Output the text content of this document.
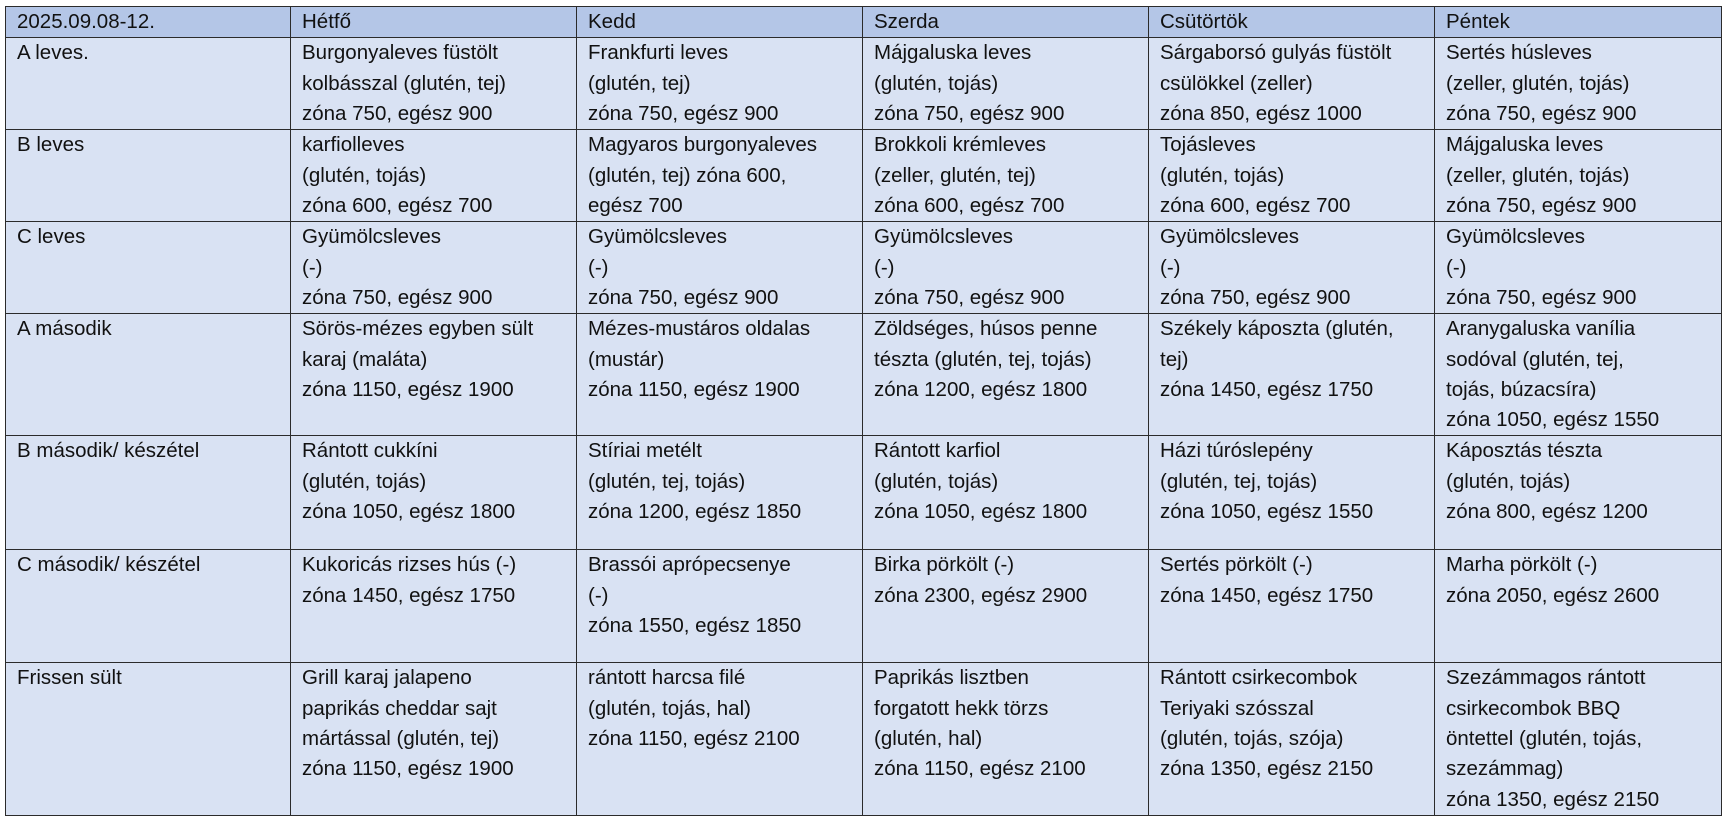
2025.09.08-12.	Hétfő	Kedd	Szerda	Csütörtök	Péntek
A leves.	Burgonyaleves füstölt
kolbásszal (glutén, tej)
zóna 750, egész 900	Frankfurti leves
(glutén, tej)
zóna 750, egész 900	Májgaluska leves
(glutén, tojás)
zóna 750, egész 900	Sárgaborsó gulyás füstölt
csülökkel (zeller)
zóna 850, egész 1000	Sertés húsleves
(zeller, glutén, tojás)
zóna 750, egész 900

B leves	karfiolleves
(glutén, tojás)
zóna 600, egész 700	Magyaros burgonyaleves
(glutén, tej) zóna 600,
egész 700	Brokkoli krémleves
(zeller, glutén, tej)
zóna 600, egész 700	Tojásleves
(glutén, tojás)
zóna 600, egész 700	Májgaluska leves
(zeller, glutén, tojás)
zóna 750, egész 900

C leves	Gyümölcsleves
(-)
zóna 750, egész 900	Gyümölcsleves
(-)
zóna 750, egész 900	Gyümölcsleves
(-)
zóna 750, egész 900	Gyümölcsleves
(-)
zóna 750, egész 900	Gyümölcsleves
(-)
zóna 750, egész 900

A második	Sörös-mézes egyben sült
karaj (maláta)
zóna 1150, egész 1900	Mézes-mustáros oldalas
(mustár)
zóna 1150, egész 1900	Zöldséges, húsos penne
tészta (glutén, tej, tojás)
zóna 1200, egész 1800	Székely káposzta (glutén,
tej)
zóna 1450, egész 1750	Aranygaluska vanília
sodóval (glutén, tej,
tojás, búzacsíra)
zóna 1050, egész 1550

B második/ készétel	Rántott cukkíni
(glutén, tojás)
zóna 1050, egész 1800	Stíriai metélt
(glutén, tej, tojás)
zóna 1200, egész 1850	Rántott karfiol
(glutén, tojás)
zóna 1050, egész 1800	Házi túróslepény
(glutén, tej, tojás)
zóna 1050, egész 1550	Káposztás tészta
(glutén, tojás)
zóna 800, egész 1200

C második/ készétel	Kukoricás rizses hús (-)
zóna 1450, egész 1750	Brassói aprópecsenye
(-)
zóna 1550, egész 1850	Birka pörkölt (-)
zóna 2300, egész 2900	Sertés pörkölt (-)
zóna 1450, egész 1750	Marha pörkölt (-)
zóna 2050, egész 2600

Frissen sült	Grill karaj jalapeno
paprikás cheddar sajt
mártással (glutén, tej)
zóna 1150, egész 1900	rántott harcsa filé
(glutén, tojás, hal)
zóna 1150, egész 2100	Paprikás lisztben
forgatott hekk törzs
(glutén, hal)
zóna 1150, egész 2100	Rántott csirkecombok
Teriyaki szósszal
(glutén, tojás, szója)
zóna 1350, egész 2150	Szezámmagos rántott
csirkecombok BBQ
öntettel (glutén, tojás,
szezámmag)
zóna 1350, egész 2150
